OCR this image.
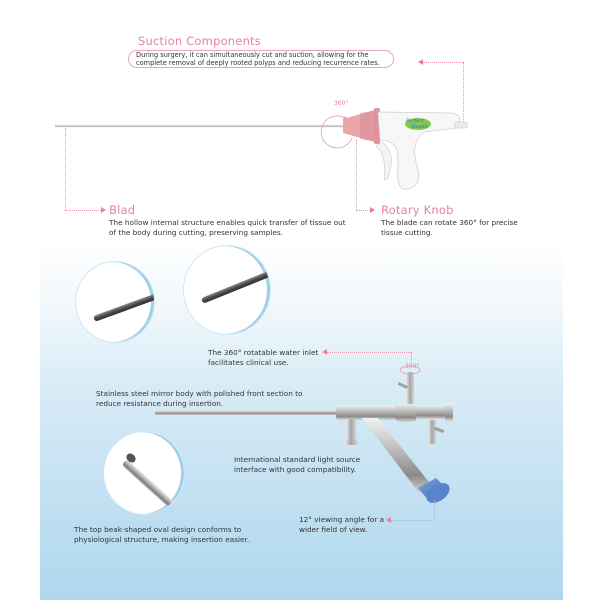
Suction Components
During surgery, it can simultaneously cut and suction, allowing for the complete removal of deeply rooted polyps and reducing recurrence rates.
Perfect
Health
360°
Blad
The hollow internal structure enables quick transfer of tissue out
of the body during cutting, preserving samples.
Rotary Knob
The blade can rotate 360° for precise
tissue cutting.
The 360° rotatable water inlet
facilitates clinical use.	360°
Stainless steel mirror body with polished front section to
reduce resistance during insertion.
International standard light source
interface with good compatibility.
12° viewing angle for a
wider field of view.
The top beak-shaped oval design conforms to
physiological structure, making insertion easier.
